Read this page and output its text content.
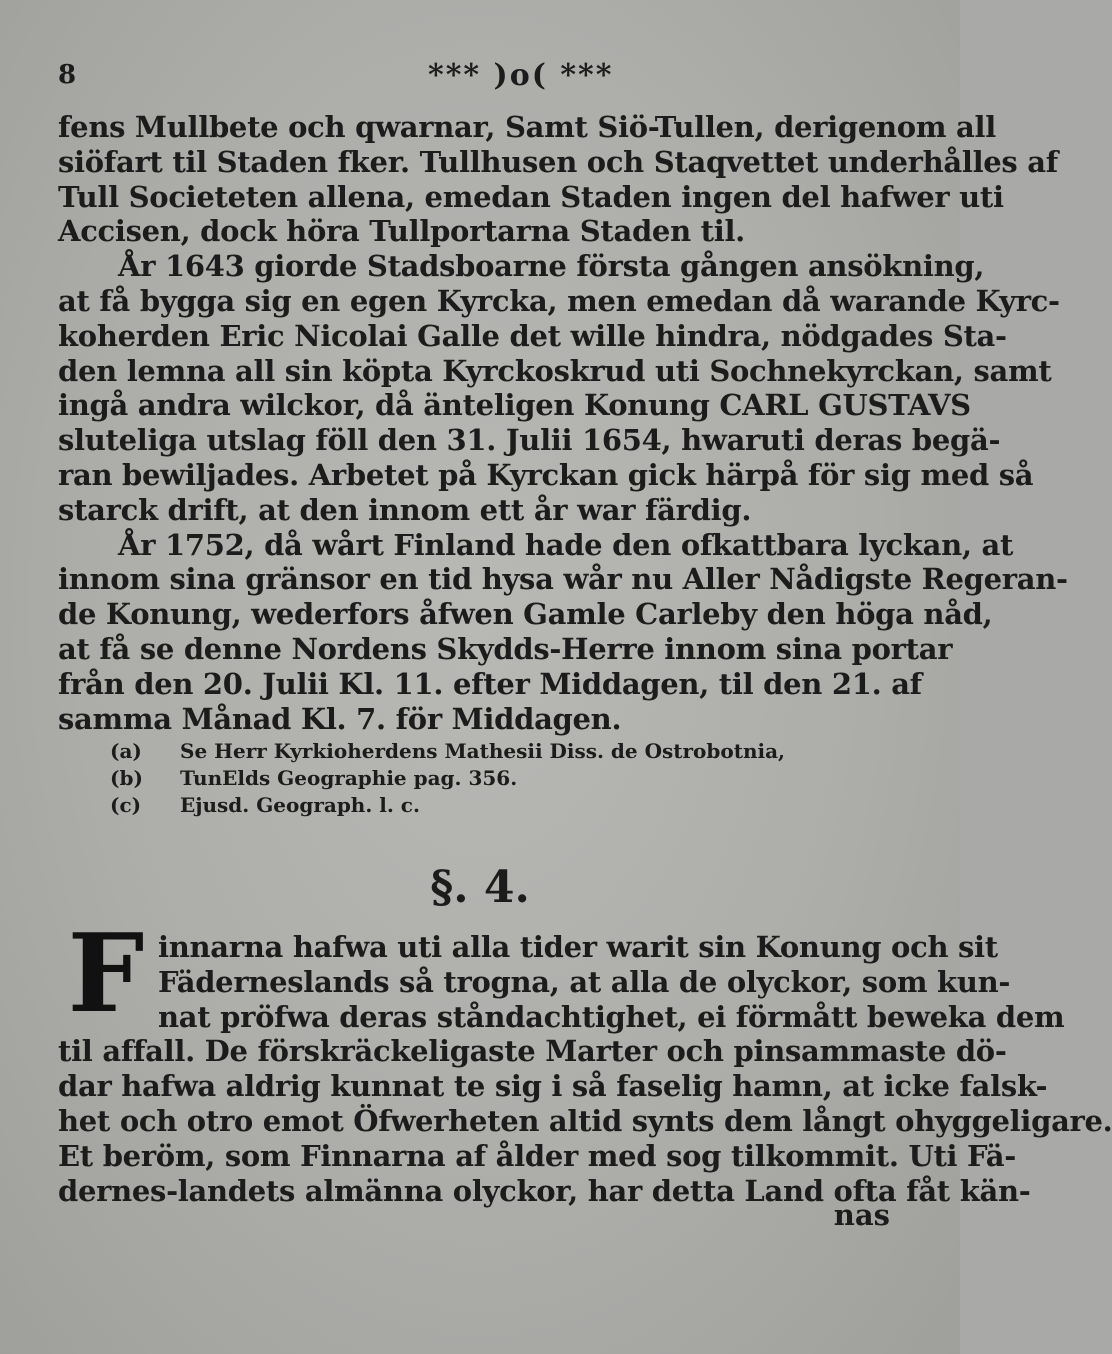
8	*** )o( ***
fens Mullbete och qwarnar, Samt Siö-Tullen, derigenom all
siöfart til Staden fker. Tullhusen och Staqvettet underhålles af
Tull Societeten allena, emedan Staden ingen del hafwer uti
Accisen, dock höra Tullportarna Staden til.
År 1643 giorde Stadsboarne första gången ansökning,
at få bygga sig en egen Kyrcka, men emedan då warande Kyrc-
koherden Eric Nicolai Galle det wille hindra, nödgades Sta-
den lemna all sin köpta Kyrckoskrud uti Sochnekyrckan, samt
ingå andra wilckor, då änteligen Konung CARL GUSTAVS
sluteliga utslag föll den 31. Julii 1654, hwaruti deras begä-
ran bewiljades. Arbetet på Kyrckan gick härpå för sig med så
starck drift, at den innom ett år war färdig.
År 1752, då wårt Finland hade den ofkattbara lyckan, at
innom sina gränsor en tid hysa wår nu Aller Nådigste Regeran-
de Konung, wederfors åfwen Gamle Carleby den höga nåd,
at få se denne Nordens Skydds-Herre innom sina portar
från den 20. Julii Kl. 11. efter Middagen, til den 21. af
samma Månad Kl. 7. för Middagen.
(a)	Se Herr Kyrkioherdens Mathesii Diss. de Ostrobotnia,
(b)	TunElds Geographie pag. 356.
(c)	Ejusd. Geograph. l. c.
§. 4.
F innarna hafwa uti alla tider warit sin Konung och sit
Fäderneslands så trogna, at alla de olyckor, som kun-
nat pröfwa deras ståndachtighet, ei förmått beweka dem
til affall. De förskräckeligaste Marter och pinsammaste dö-
dar hafwa aldrig kunnat te sig i så faselig hamn, at icke falsk-
het och otro emot Öfwerheten altid synts dem långt ohyggeligare.
Et beröm, som Finnarna af ålder med sog tilkommit. Uti Fä-
dernes-landets almänna olyckor, har detta Land ofta fåt kän-
nas
